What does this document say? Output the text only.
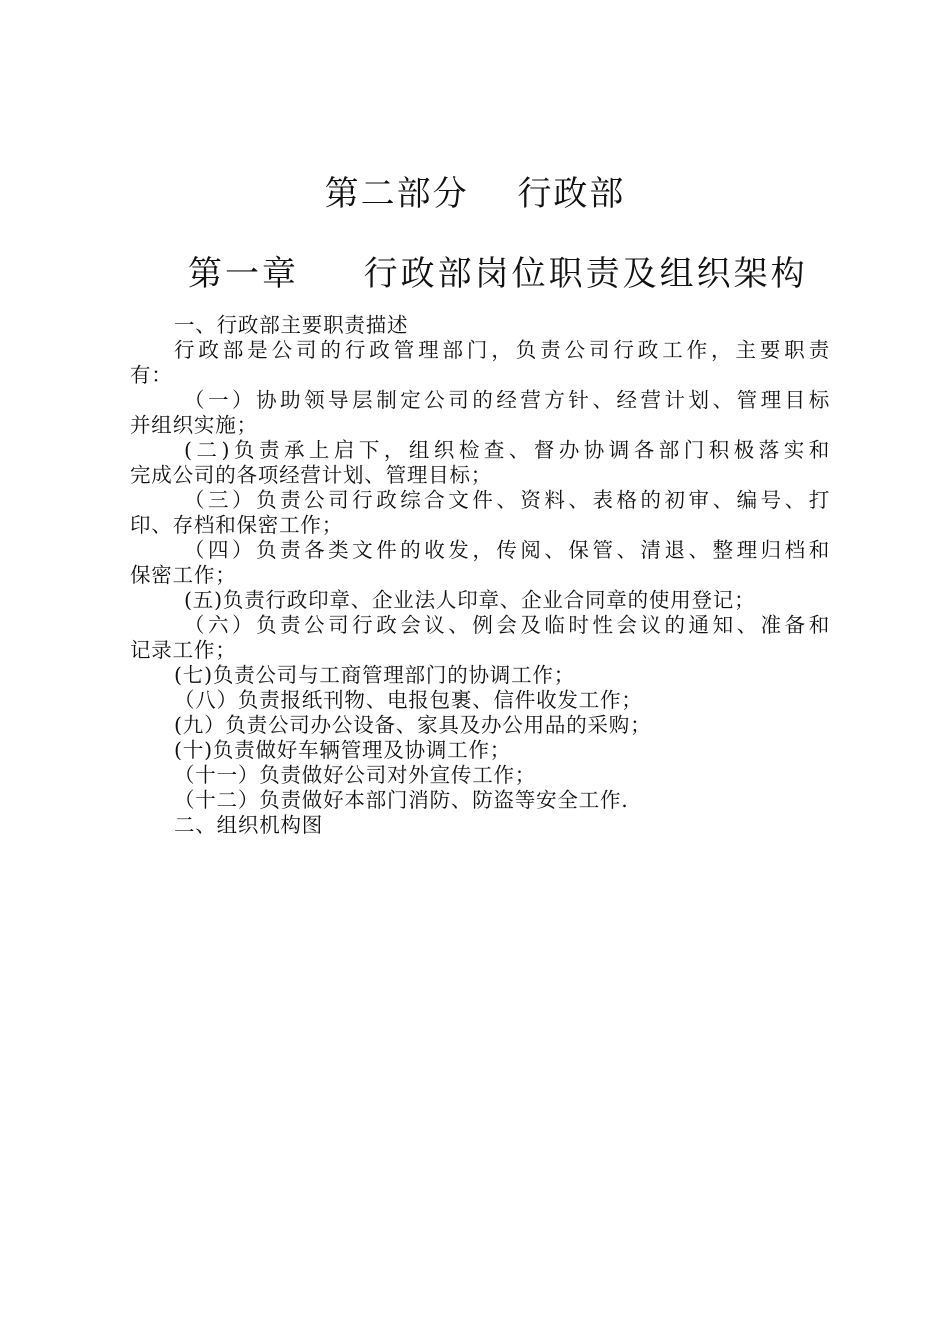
第二部分　 行政部
第一章 　 行政部岗位职责及组织架构
一、行政部主要职责描述
行政部是公司的行政管理部门，负责公司行政工作，主要职责
有：
（一）协助领导层制定公司的经营方针、经营计划、管理目标
并组织实施；
(二)负责承上启下，组织检查、督办协调各部门积极落实和
完成公司的各项经营计划、管理目标；
（三）负责公司行政综合文件、资料、表格的初审、编号、打
印、存档和保密工作；
（四）负责各类文件的收发，传阅、保管、清退、整理归档和
保密工作；
(五)负责行政印章、企业法人印章、企业合同章的使用登记；
（六）负责公司行政会议、例会及临时性会议的通知、准备和
记录工作；
(七)负责公司与工商管理部门的协调工作；
（八）负责报纸刊物、电报包裹、信件收发工作；
(九）负责公司办公设备、家具及办公用品的采购；
(十)负责做好车辆管理及协调工作；
（十一）负责做好公司对外宣传工作；
（十二）负责做好本部门消防、防盗等安全工作.
二、组织机构图
